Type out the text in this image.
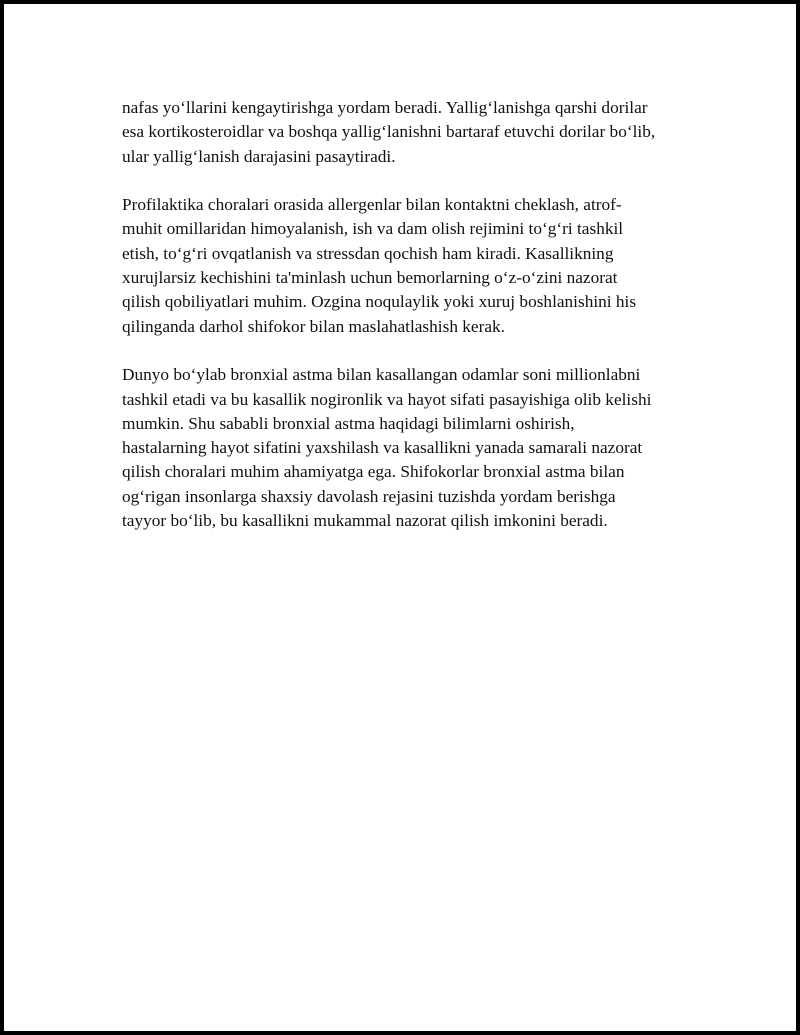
nafas yo‘llarini kengaytirishga yordam beradi. Yallig‘lanishga qarshi dorilar
esa kortikosteroidlar va boshqa yallig‘lanishni bartaraf etuvchi dorilar bo‘lib,
ular yallig‘lanish darajasini pasaytiradi.

Profilaktika choralari orasida allergenlar bilan kontaktni cheklash, atrof-
muhit omillaridan himoyalanish, ish va dam olish rejimini to‘g‘ri tashkil
etish, to‘g‘ri ovqatlanish va stressdan qochish ham kiradi. Kasallikning
xurujlarsiz kechishini ta'minlash uchun bemorlarning o‘z-o‘zini nazorat
qilish qobiliyatlari muhim. Ozgina noqulaylik yoki xuruj boshlanishini his
qilinganda darhol shifokor bilan maslahatlashish kerak.

Dunyo bo‘ylab bronxial astma bilan kasallangan odamlar soni millionlabni
tashkil etadi va bu kasallik nogironlik va hayot sifati pasayishiga olib kelishi
mumkin. Shu sababli bronxial astma haqidagi bilimlarni oshirish,
hastalarning hayot sifatini yaxshilash va kasallikni yanada samarali nazorat
qilish choralari muhim ahamiyatga ega. Shifokorlar bronxial astma bilan
og‘rigan insonlarga shaxsiy davolash rejasini tuzishda yordam berishga
tayyor bo‘lib, bu kasallikni mukammal nazorat qilish imkonini beradi.
